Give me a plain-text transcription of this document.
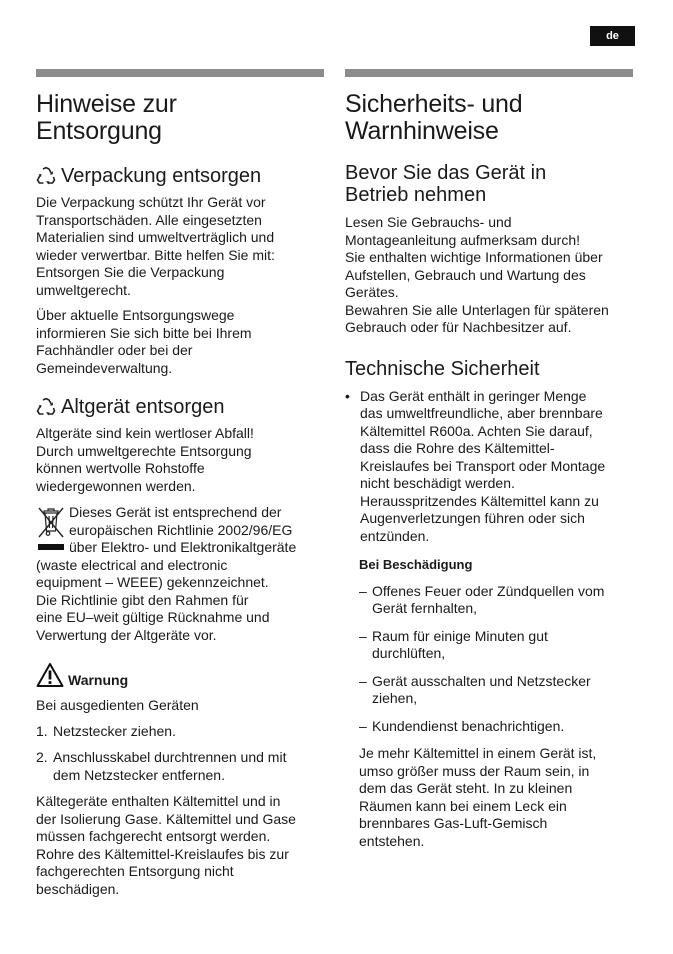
de
Hinweise zur
Entsorgung
Verpackung entsorgen

Die Verpackung schützt Ihr Gerät vor
Transportschäden. Alle eingesetzten
Materialien sind umweltverträglich und
wieder verwertbar. Bitte helfen Sie mit:
Entsorgen Sie die Verpackung
umweltgerecht.

Über aktuelle Entsorgungswege
informieren Sie sich bitte bei Ihrem
Fachhändler oder bei der
Gemeindeverwaltung.

Altgerät entsorgen

Altgeräte sind kein wertloser Abfall!
Durch umweltgerechte Entsorgung
können wertvolle Rohstoffe
wiedergewonnen werden.

Dieses Gerät ist entsprechend der
europäischen Richtlinie 2002/96/EG
über Elektro- und Elektronikaltgeräte

(waste electrical and electronic
equipment – WEEE) gekennzeichnet.
Die Richtlinie gibt den Rahmen für
eine EU–weit gültige Rücknahme und
Verwertung der Altgeräte vor.

Warnung

Bei ausgedienten Geräten

1. Netzstecker ziehen.
2. Anschlusskabel durchtrennen und mit
dem Netzstecker entfernen.

Kältegeräte enthalten Kältemittel und in
der Isolierung Gase. Kältemittel und Gase
müssen fachgerecht entsorgt werden.
Rohre des Kältemittel-Kreislaufes bis zur
fachgerechten Entsorgung nicht
beschädigen.

Sicherheits- und
Warnhinweise
Bevor Sie das Gerät in
Betrieb nehmen

Lesen Sie Gebrauchs- und
Montageanleitung aufmerksam durch!
Sie enthalten wichtige Informationen über
Aufstellen, Gebrauch und Wartung des
Gerätes.
Bewahren Sie alle Unterlagen für späteren
Gebrauch oder für Nachbesitzer auf.

Technische Sicherheit
• Das Gerät enthält in geringer Menge
das umweltfreundliche, aber brennbare
Kältemittel R600a. Achten Sie darauf,
dass die Rohre des Kältemittel-
Kreislaufes bei Transport oder Montage
nicht beschädigt werden.
Herausspritzendes Kältemittel kann zu
Augenverletzungen führen oder sich
entzünden.

Bei Beschädigung

– Offenes Feuer oder Zündquellen vom
Gerät fernhalten,
– Raum für einige Minuten gut
durchlüften,
– Gerät ausschalten und Netzstecker
ziehen,
– Kundendienst benachrichtigen.

Je mehr Kältemittel in einem Gerät ist,
umso größer muss der Raum sein, in
dem das Gerät steht. In zu kleinen
Räumen kann bei einem Leck ein
brennbares Gas-Luft-Gemisch
entstehen.
